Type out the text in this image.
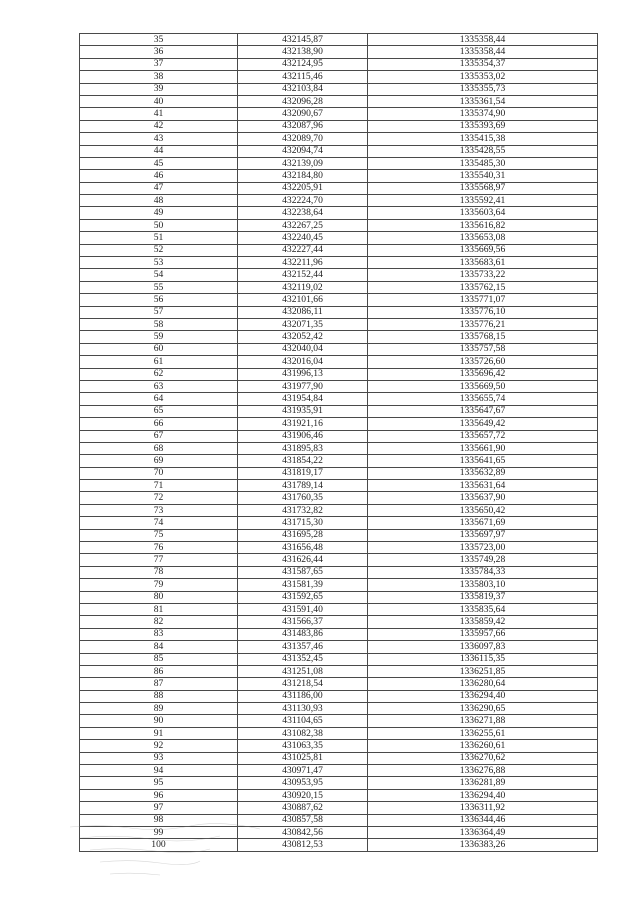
35	432145,87	1335358,44
36	432138,90	1335358,44
37	432124,95	1335354,37
38	432115,46	1335353,02
39	432103,84	1335355,73
40	432096,28	1335361,54
41	432090,67	1335374,90
42	432087,96	1335393,69
43	432089,70	1335415,38
44	432094,74	1335428,55
45	432139,09	1335485,30
46	432184,80	1335540,31
47	432205,91	1335568,97
48	432224,70	1335592,41
49	432238,64	1335603,64
50	432267,25	1335616,82
51	432240,45	1335653,08
52	432227,44	1335669,56
53	432211,96	1335683,61
54	432152,44	1335733,22
55	432119,02	1335762,15
56	432101,66	1335771,07
57	432086,11	1335776,10
58	432071,35	1335776,21
59	432052,42	1335768,15
60	432040,04	1335757,58
61	432016,04	1335726,60
62	431996,13	1335696,42
63	431977,90	1335669,50
64	431954,84	1335655,74
65	431935,91	1335647,67
66	431921,16	1335649,42
67	431906,46	1335657,72
68	431895,83	1335661,90
69	431854,22	1335641,65
70	431819,17	1335632,89
71	431789,14	1335631,64
72	431760,35	1335637,90
73	431732,82	1335650,42
74	431715,30	1335671,69
75	431695,28	1335697,97
76	431656,48	1335723,00
77	431626,44	1335749,28
78	431587,65	1335784,33
79	431581,39	1335803,10
80	431592,65	1335819,37
81	431591,40	1335835,64
82	431566,37	1335859,42
83	431483,86	1335957,66
84	431357,46	1336097,83
85	431352,45	1336115,35
86	431251,08	1336251,85
87	431218,54	1336280,64
88	431186,00	1336294,40
89	431130,93	1336290,65
90	431104,65	1336271,88
91	431082,38	1336255,61
92	431063,35	1336260,61
93	431025,81	1336270,62
94	430971,47	1336276,88
95	430953,95	1336281,89
96	430920,15	1336294,40
97	430887,62	1336311,92
98	430857,58	1336344,46
99	430842,56	1336364,49
100	430812,53	1336383,26
